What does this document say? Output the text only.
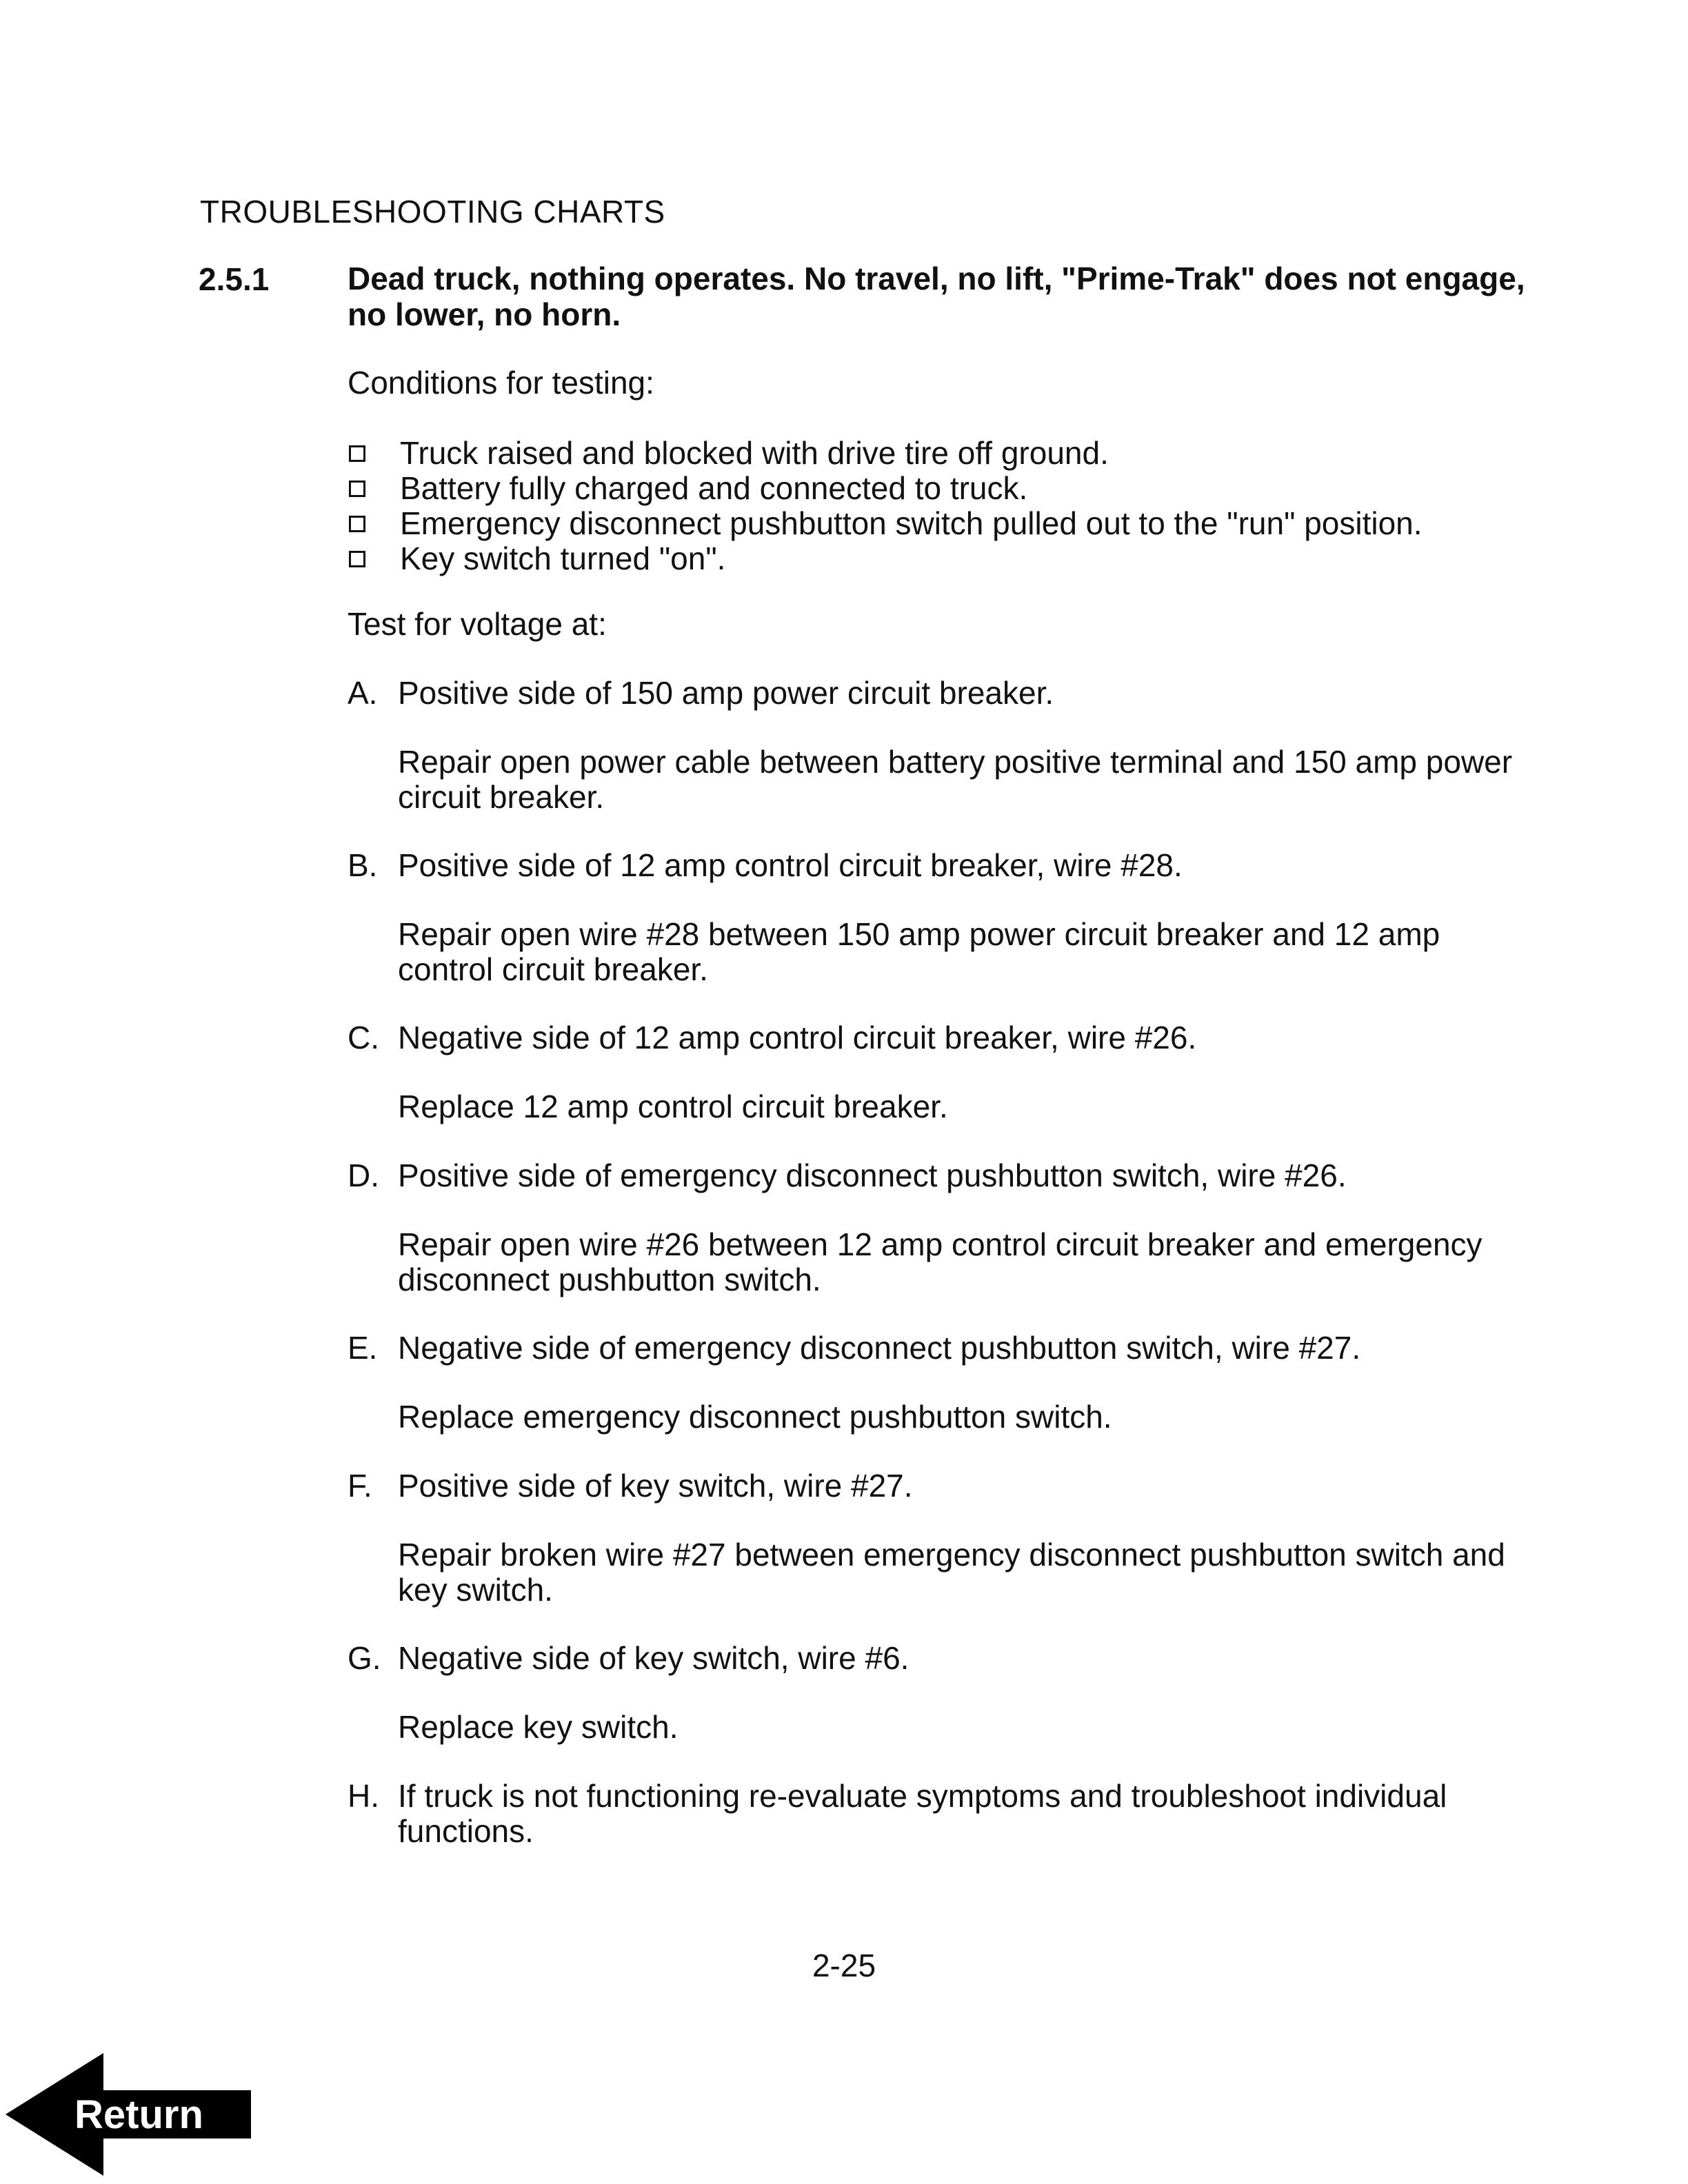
TROUBLESHOOTING CHARTS
2.5.1 Dead truck, nothing operates. No travel, no lift, "Prime-Trak" does not engage, no lower, no horn.
Conditions for testing:
Truck raised and blocked with drive tire off ground.
Battery fully charged and connected to truck.
Emergency disconnect pushbutton switch pulled out to the "run" position.
Key switch turned "on".
Test for voltage at:
A. Positive side of 150 amp power circuit breaker.
Repair open power cable between battery positive terminal and 150 amp power circuit breaker.
B. Positive side of 12 amp control circuit breaker, wire #28.
Repair open wire #28 between 150 amp power circuit breaker and 12 amp control circuit breaker.
C. Negative side of 12 amp control circuit breaker, wire #26.
Replace 12 amp control circuit breaker.
D. Positive side of emergency disconnect pushbutton switch, wire #26.
Repair open wire #26 between 12 amp control circuit breaker and emergency disconnect pushbutton switch.
E. Negative side of emergency disconnect pushbutton switch, wire #27.
Replace emergency disconnect pushbutton switch.
F. Positive side of key switch, wire #27.
Repair broken wire #27 between emergency disconnect pushbutton switch and key switch.
G. Negative side of key switch, wire #6.
Replace key switch.
H. If truck is not functioning re-evaluate symptoms and troubleshoot individual functions.
2-25
Return
